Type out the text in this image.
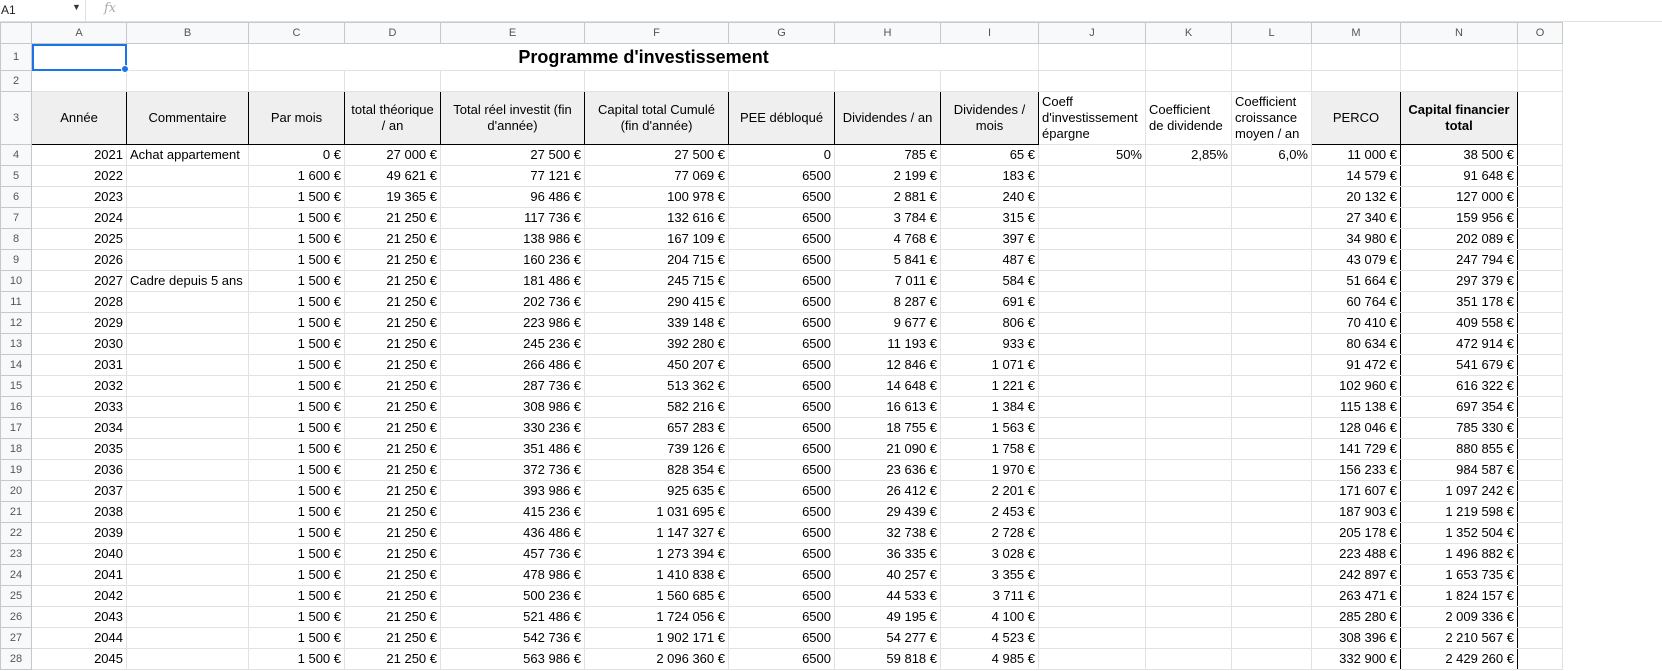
A1	▼ fx
	A	B	C	D	E	F	G	H	I	J	K	L	M	N	O
1			Programme d'investissement												
2															
3	Année	Commentaire	Par mois	total théorique / an	Total réel investit (fin d'année)	Capital total Cumulé (fin d'année)	PEE débloqué	Dividendes / an	Dividendes / mois	Coeff d'investissement épargne	Coefficient de dividende	Coefficient croissance moyen / an	PERCO	Capital financier total	
4	2021	Achat appartement	0 €	27 000 €	27 500 €	27 500 €	0	785 €	65 €	50%	2,85%	6,0%	11 000 €	38 500 €	
5	2022		1 600 €	49 621 €	77 121 €	77 069 €	6500	2 199 €	183 €				14 579 €	91 648 €	
6	2023		1 500 €	19 365 €	96 486 €	100 978 €	6500	2 881 €	240 €				20 132 €	127 000 €	
7	2024		1 500 €	21 250 €	117 736 €	132 616 €	6500	3 784 €	315 €				27 340 €	159 956 €	
8	2025		1 500 €	21 250 €	138 986 €	167 109 €	6500	4 768 €	397 €				34 980 €	202 089 €	
9	2026		1 500 €	21 250 €	160 236 €	204 715 €	6500	5 841 €	487 €				43 079 €	247 794 €	
10	2027	Cadre depuis 5 ans	1 500 €	21 250 €	181 486 €	245 715 €	6500	7 011 €	584 €				51 664 €	297 379 €	
11	2028		1 500 €	21 250 €	202 736 €	290 415 €	6500	8 287 €	691 €				60 764 €	351 178 €	
12	2029		1 500 €	21 250 €	223 986 €	339 148 €	6500	9 677 €	806 €				70 410 €	409 558 €	
13	2030		1 500 €	21 250 €	245 236 €	392 280 €	6500	11 193 €	933 €				80 634 €	472 914 €	
14	2031		1 500 €	21 250 €	266 486 €	450 207 €	6500	12 846 €	1 071 €				91 472 €	541 679 €	
15	2032		1 500 €	21 250 €	287 736 €	513 362 €	6500	14 648 €	1 221 €				102 960 €	616 322 €	
16	2033		1 500 €	21 250 €	308 986 €	582 216 €	6500	16 613 €	1 384 €				115 138 €	697 354 €	
17	2034		1 500 €	21 250 €	330 236 €	657 283 €	6500	18 755 €	1 563 €				128 046 €	785 330 €	
18	2035		1 500 €	21 250 €	351 486 €	739 126 €	6500	21 090 €	1 758 €				141 729 €	880 855 €	
19	2036		1 500 €	21 250 €	372 736 €	828 354 €	6500	23 636 €	1 970 €				156 233 €	984 587 €	
20	2037		1 500 €	21 250 €	393 986 €	925 635 €	6500	26 412 €	2 201 €				171 607 €	1 097 242 €	
21	2038		1 500 €	21 250 €	415 236 €	1 031 695 €	6500	29 439 €	2 453 €				187 903 €	1 219 598 €	
22	2039		1 500 €	21 250 €	436 486 €	1 147 327 €	6500	32 738 €	2 728 €				205 178 €	1 352 504 €	
23	2040		1 500 €	21 250 €	457 736 €	1 273 394 €	6500	36 335 €	3 028 €				223 488 €	1 496 882 €	
24	2041		1 500 €	21 250 €	478 986 €	1 410 838 €	6500	40 257 €	3 355 €				242 897 €	1 653 735 €	
25	2042		1 500 €	21 250 €	500 236 €	1 560 685 €	6500	44 533 €	3 711 €				263 471 €	1 824 157 €	
26	2043		1 500 €	21 250 €	521 486 €	1 724 056 €	6500	49 195 €	4 100 €				285 280 €	2 009 336 €	
27	2044		1 500 €	21 250 €	542 736 €	1 902 171 €	6500	54 277 €	4 523 €				308 396 €	2 210 567 €	
28	2045		1 500 €	21 250 €	563 986 €	2 096 360 €	6500	59 818 €	4 985 €				332 900 €	2 429 260 €	
